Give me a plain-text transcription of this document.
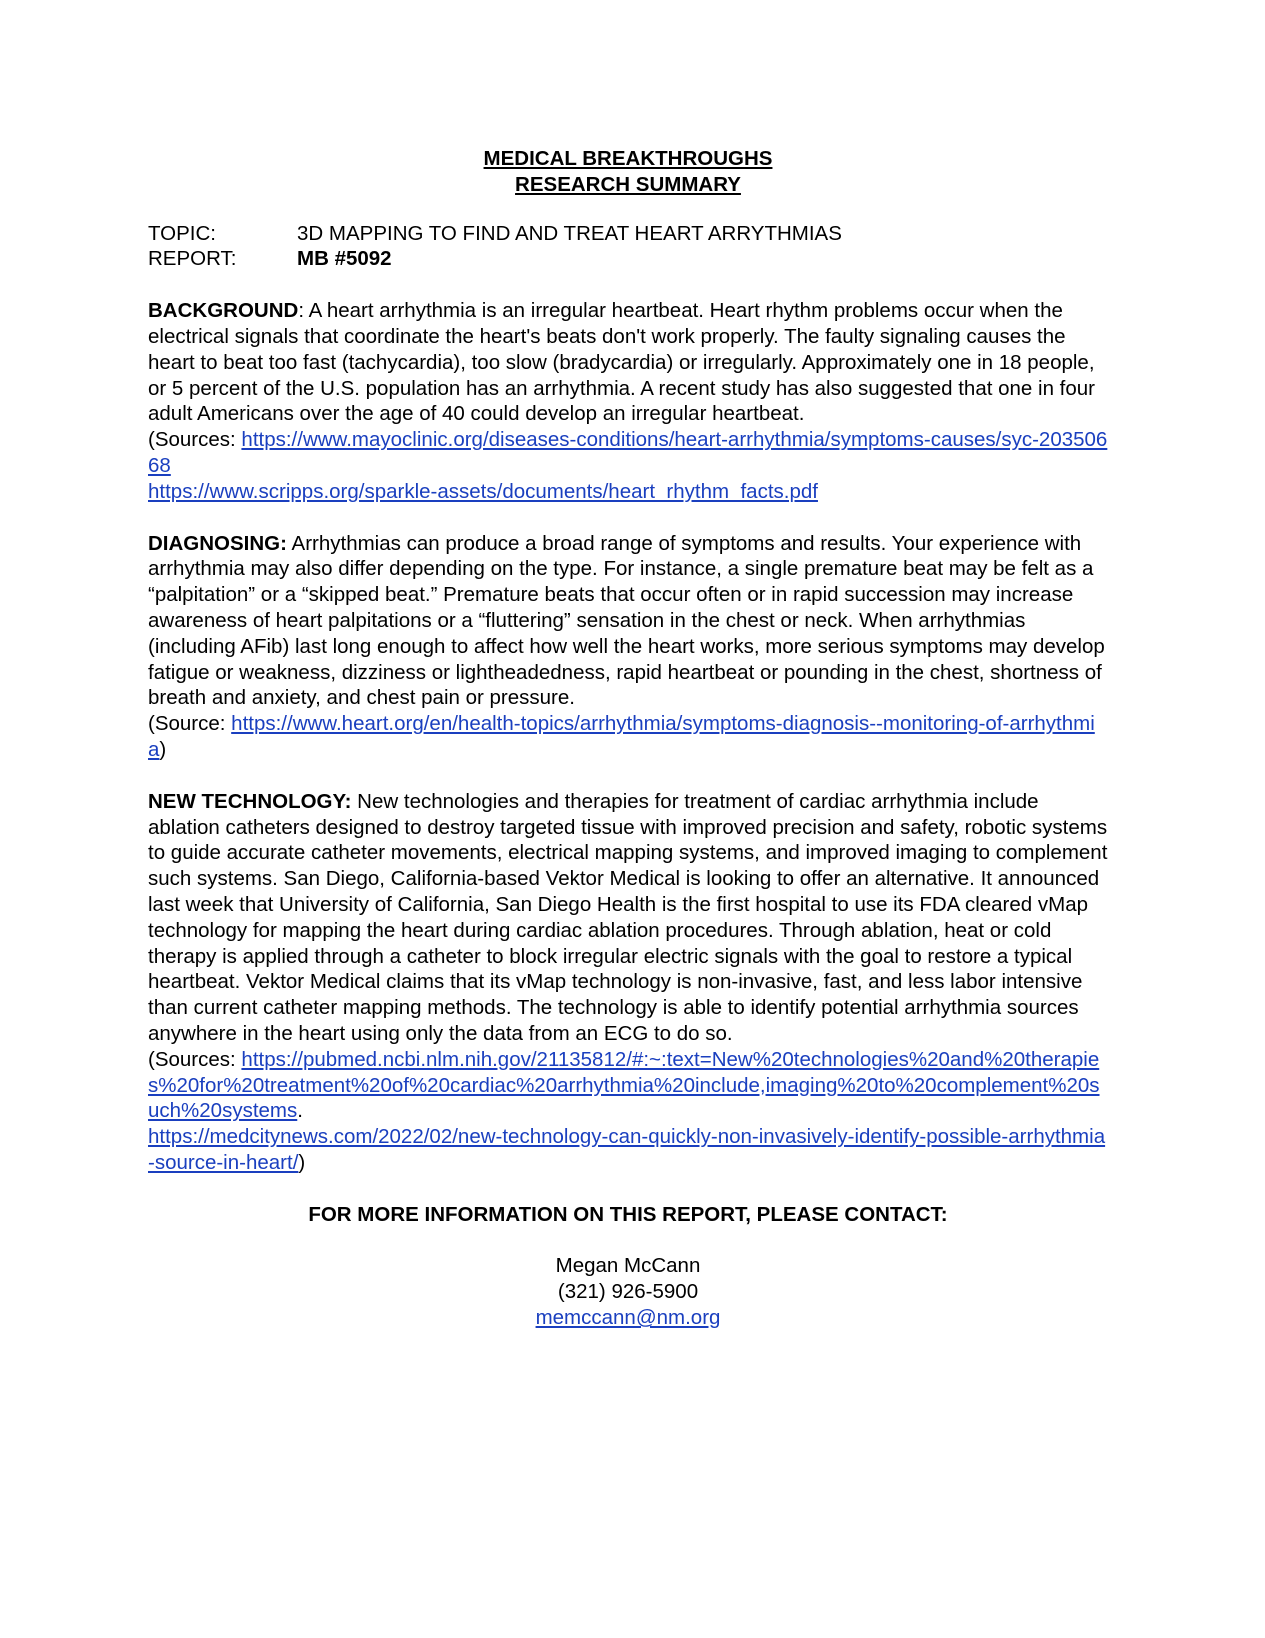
MEDICAL BREAKTHROUGHS

RESEARCH SUMMARY

TOPIC:	3D MAPPING TO FIND AND TREAT HEART ARRYTHMIAS
REPORT:	MB #5092

BACKGROUND: A heart arrhythmia is an irregular heartbeat. Heart rhythm problems occur when the electrical signals that coordinate the heart's beats don't work properly. The faulty signaling causes the heart to beat too fast (tachycardia), too slow (bradycardia) or irregularly. Approximately one in 18 people, or 5 percent of the U.S. population has an arrhythmia. A recent study has also suggested that one in four adult Americans over the age of 40 could develop an irregular heartbeat.

(Sources: https://www.mayoclinic.org/diseases-conditions/heart-arrhythmia/symptoms-causes/syc-20350668

https://www.scripps.org/sparkle-assets/documents/heart_rhythm_facts.pdf

DIAGNOSING: Arrhythmias can produce a broad range of symptoms and results. Your experience with arrhythmia may also differ depending on the type. For instance, a single premature beat may be felt as a “palpitation” or a “skipped beat.” Premature beats that occur often or in rapid succession may increase awareness of heart palpitations or a “fluttering” sensation in the chest or neck. When arrhythmias (including AFib) last long enough to affect how well the heart works, more serious symptoms may develop fatigue or weakness, dizziness or lightheadedness, rapid heartbeat or pounding in the chest, shortness of breath and anxiety, and chest pain or pressure.

(Source: https://www.heart.org/en/health-topics/arrhythmia/symptoms-diagnosis--monitoring-of-arrhythmia)

NEW TECHNOLOGY: New technologies and therapies for treatment of cardiac arrhythmia include ablation catheters designed to destroy targeted tissue with improved precision and safety, robotic systems to guide accurate catheter movements, electrical mapping systems, and improved imaging to complement such systems. San Diego, California-based Vektor Medical is looking to offer an alternative. It announced last week that University of California, San Diego Health is the first hospital to use its FDA cleared vMap technology for mapping the heart during cardiac ablation procedures. Through ablation, heat or cold therapy is applied through a catheter to block irregular electric signals with the goal to restore a typical heartbeat. Vektor Medical claims that its vMap technology is non-invasive, fast, and less labor intensive than current catheter mapping methods. The technology is able to identify potential arrhythmia sources anywhere in the heart using only the data from an ECG to do so.

(Sources: https://pubmed.ncbi.nlm.nih.gov/21135812/#:~:text=New%20technologies%20and%20therapies%20for%20treatment%20of%20cardiac%20arrhythmia%20include,imaging%20to%20complement%20such%20systems.

https://medcitynews.com/2022/02/new-technology-can-quickly-non-invasively-identify-possible-arrhythmia-source-in-heart/)

FOR MORE INFORMATION ON THIS REPORT, PLEASE CONTACT:
Megan McCann
(321) 926-5900
memccann@nm.org
